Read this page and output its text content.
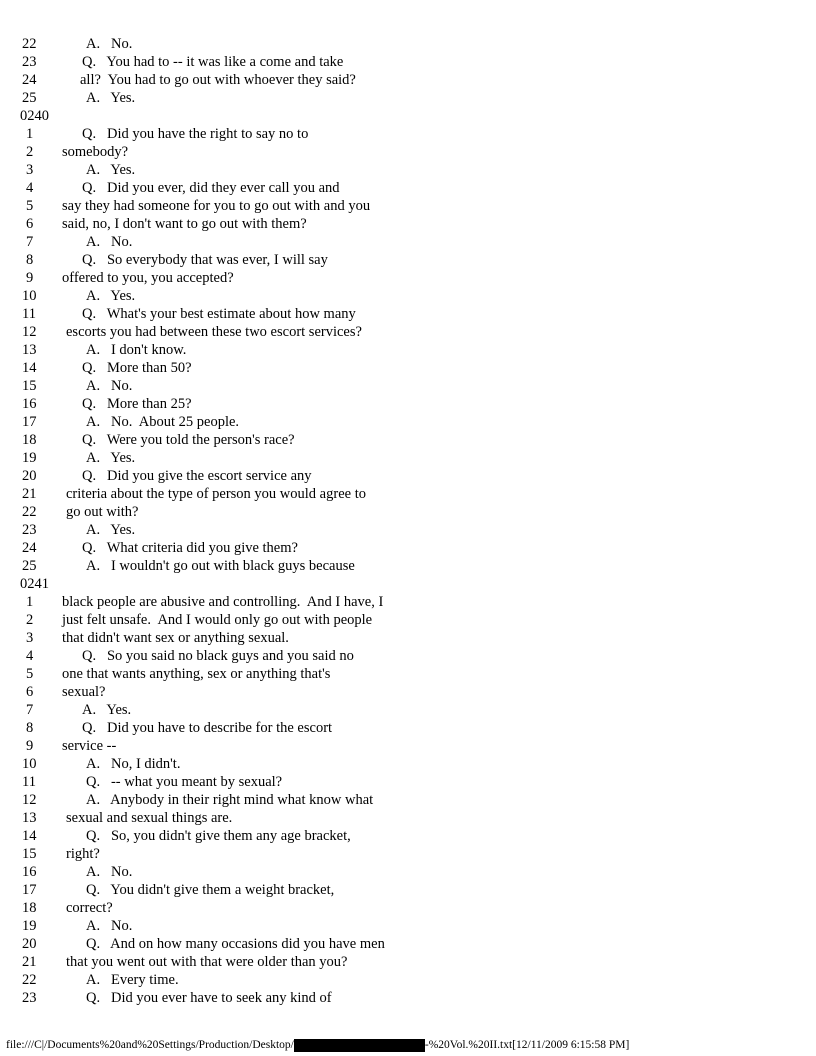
22	A.   No.
23	Q.   You had to -- it was like a come and take
24	all?  You had to go out with whoever they said?
25	A.   Yes.
0240
1	Q.   Did you have the right to say no to
2 somebody?
3	A.   Yes.
4	Q.   Did you ever, did they ever call you and
5 say they had someone for you to go out with and you
6 said, no, I don't want to go out with them?
7	A.   No.
8	Q.   So everybody that was ever, I will say
9 offered to you, you accepted?
10	A.   Yes.
11	Q.   What's your best estimate about how many
12 escorts you had between these two escort services?
13	A.   I don't know.
14	Q.   More than 50?
15	A.   No.
16	Q.   More than 25?
17	A.   No.  About 25 people.
18	Q.   Were you told the person's race?
19	A.   Yes.
20	Q.   Did you give the escort service any
21 criteria about the type of person you would agree to
22 go out with?
23	A.   Yes.
24	Q.   What criteria did you give them?
25	A.   I wouldn't go out with black guys because
0241
1 black people are abusive and controlling.  And I have, I
2 just felt unsafe.  And I would only go out with people
3 that didn't want sex or anything sexual.
4	Q.   So you said no black guys and you said no
5 one that wants anything, sex or anything that's
6 sexual?
7	A.   Yes.
8	Q.   Did you have to describe for the escort
9 service --
10	A.   No, I didn't.
11	Q.   -- what you meant by sexual?
12	A.   Anybody in their right mind what know what
13 sexual and sexual things are.
14	Q.   So, you didn't give them any age bracket,
15 right?
16	A.   No.
17	Q.   You didn't give them a weight bracket,
18 correct?
19	A.   No.
20	Q.   And on how many occasions did you have men
21 that you went out with that were older than you?
22	A.   Every time.
23	Q.   Did you ever have to seek any kind of
file:///C|/Documents%20and%20Settings/Production/Desktop/	-%20Vol.%20II.txt[12/11/2009 6:15:58 PM]
